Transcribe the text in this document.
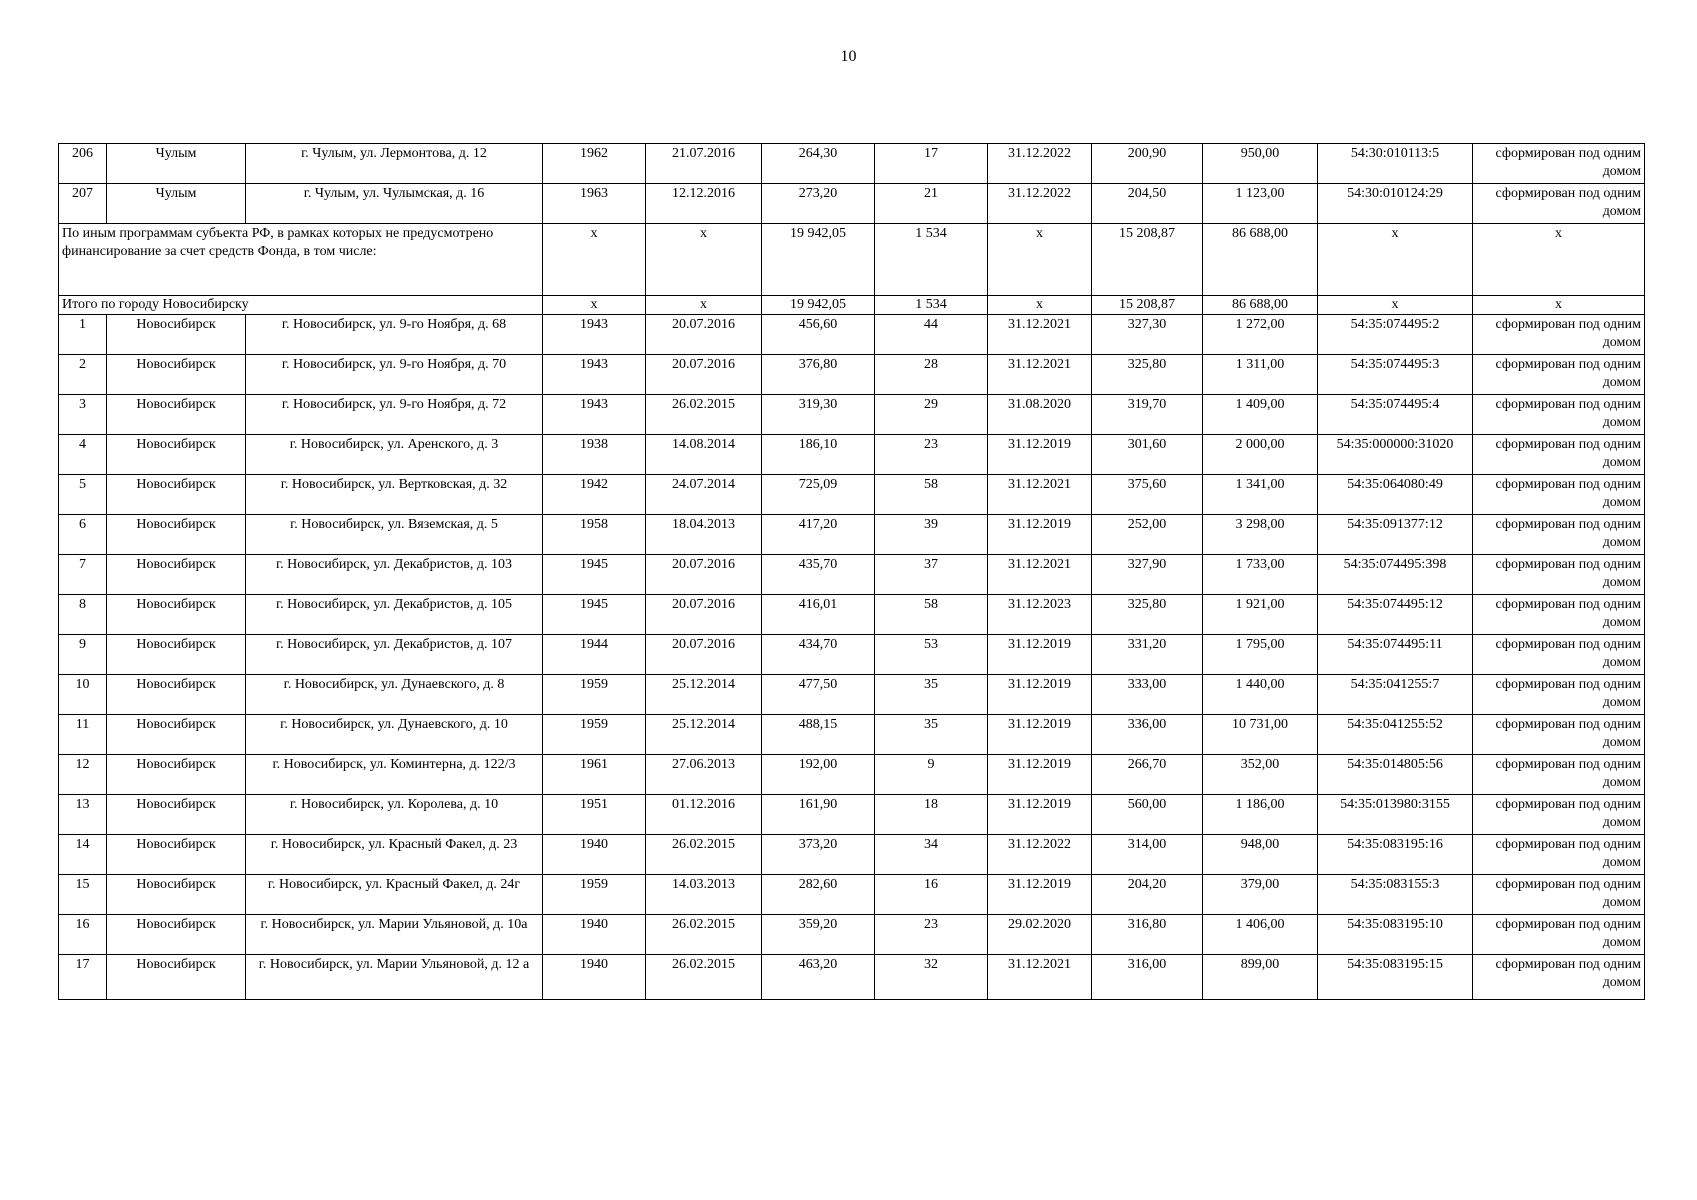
10
206	Чулым	г. Чулым, ул. Лермонтова, д. 12	1962	21.07.2016	264,30	17	31.12.2022	200,90	950,00	54:30:010113:5	сформирован под одним домом
207	Чулым	г. Чулым, ул. Чулымская, д. 16	1963	12.12.2016	273,20	21	31.12.2022	204,50	1 123,00	54:30:010124:29	сформирован под одним домом
По иным программам субъекта РФ, в рамках которых не предусмотрено финансирование за счет средств Фонда, в том числе:			x	x	19 942,05	1 534	x	15 208,87	86 688,00	x	x
Итого по городу Новосибирску			x	x	19 942,05	1 534	x	15 208,87	86 688,00	x	x
1	Новосибирск	г. Новосибирск, ул. 9-го Ноября, д. 68	1943	20.07.2016	456,60	44	31.12.2021	327,30	1 272,00	54:35:074495:2	сформирован под одним домом
2	Новосибирск	г. Новосибирск, ул. 9-го Ноября, д. 70	1943	20.07.2016	376,80	28	31.12.2021	325,80	1 311,00	54:35:074495:3	сформирован под одним домом
3	Новосибирск	г. Новосибирск, ул. 9-го Ноября, д. 72	1943	26.02.2015	319,30	29	31.08.2020	319,70	1 409,00	54:35:074495:4	сформирован под одним домом
4	Новосибирск	г. Новосибирск, ул. Аренского, д. 3	1938	14.08.2014	186,10	23	31.12.2019	301,60	2 000,00	54:35:000000:31020	сформирован под одним домом
5	Новосибирск	г. Новосибирск, ул. Вертковская, д. 32	1942	24.07.2014	725,09	58	31.12.2021	375,60	1 341,00	54:35:064080:49	сформирован под одним домом
6	Новосибирск	г. Новосибирск, ул. Вяземская, д. 5	1958	18.04.2013	417,20	39	31.12.2019	252,00	3 298,00	54:35:091377:12	сформирован под одним домом
7	Новосибирск	г. Новосибирск, ул. Декабристов, д. 103	1945	20.07.2016	435,70	37	31.12.2021	327,90	1 733,00	54:35:074495:398	сформирован под одним домом
8	Новосибирск	г. Новосибирск, ул. Декабристов, д. 105	1945	20.07.2016	416,01	58	31.12.2023	325,80	1 921,00	54:35:074495:12	сформирован под одним домом
9	Новосибирск	г. Новосибирск, ул. Декабристов, д. 107	1944	20.07.2016	434,70	53	31.12.2019	331,20	1 795,00	54:35:074495:11	сформирован под одним домом
10	Новосибирск	г. Новосибирск, ул. Дунаевского, д. 8	1959	25.12.2014	477,50	35	31.12.2019	333,00	1 440,00	54:35:041255:7	сформирован под одним домом
11	Новосибирск	г. Новосибирск, ул. Дунаевского, д. 10	1959	25.12.2014	488,15	35	31.12.2019	336,00	10 731,00	54:35:041255:52	сформирован под одним домом
12	Новосибирск	г. Новосибирск, ул. Коминтерна, д. 122/3	1961	27.06.2013	192,00	9	31.12.2019	266,70	352,00	54:35:014805:56	сформирован под одним домом
13	Новосибирск	г. Новосибирск, ул. Королева, д. 10	1951	01.12.2016	161,90	18	31.12.2019	560,00	1 186,00	54:35:013980:3155	сформирован под одним домом
14	Новосибирск	г. Новосибирск, ул. Красный Факел, д. 23	1940	26.02.2015	373,20	34	31.12.2022	314,00	948,00	54:35:083195:16	сформирован под одним домом
15	Новосибирск	г. Новосибирск, ул. Красный Факел, д. 24г	1959	14.03.2013	282,60	16	31.12.2019	204,20	379,00	54:35:083155:3	сформирован под одним домом
16	Новосибирск	г. Новосибирск, ул. Марии Ульяновой, д. 10а	1940	26.02.2015	359,20	23	29.02.2020	316,80	1 406,00	54:35:083195:10	сформирован под одним домом
17	Новосибирск	г. Новосибирск, ул. Марии Ульяновой, д. 12 а	1940	26.02.2015	463,20	32	31.12.2021	316,00	899,00	54:35:083195:15	сформирован под одним домом
